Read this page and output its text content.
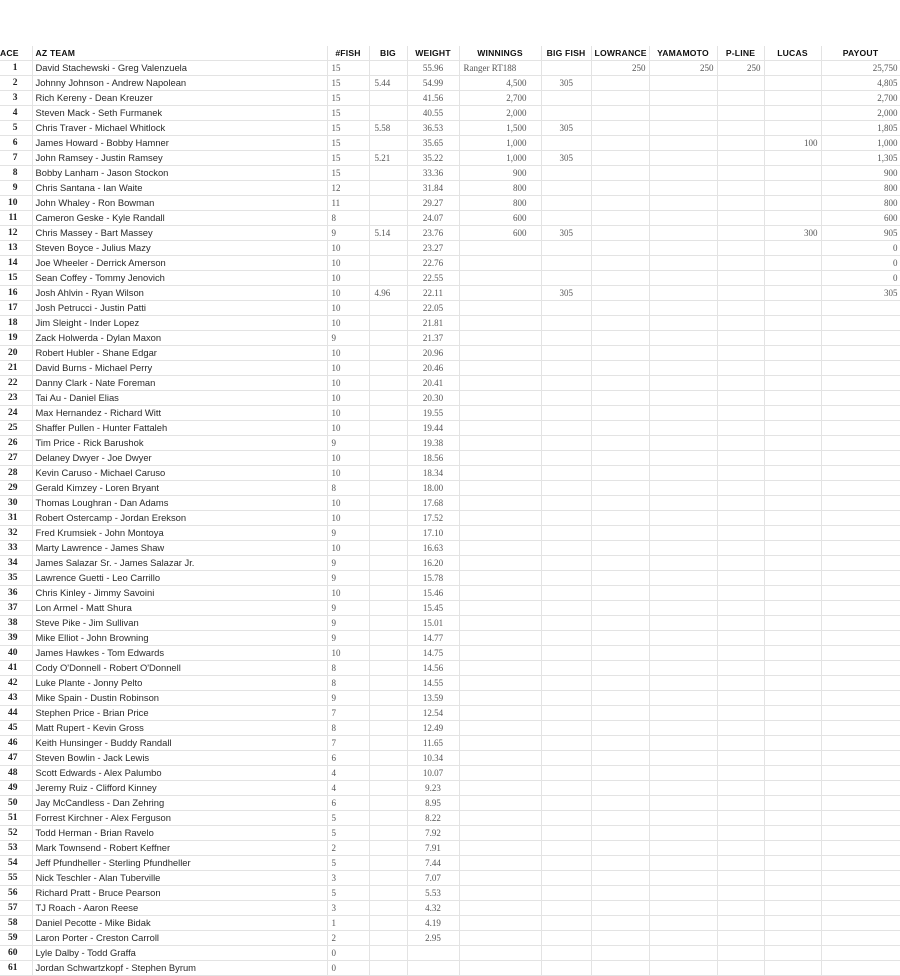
ACE	AZ TEAM	#FISH	BIG	WEIGHT	WINNINGS	BIG FISH	LOWRANCE	YAMAMOTO	P-LINE	LUCAS	PAYOUT
1	David Stachewski - Greg Valenzuela	15		55.96	Ranger RT188		250	250	250		25,750
2	Johnny Johnson - Andrew Napolean	15	5.44	54.99	4,500	305					4,805
3	Rich Kereny - Dean Kreuzer	15		41.56	2,700						2,700
4	Steven Mack - Seth Furmanek	15		40.55	2,000						2,000
5	Chris Traver - Michael Whitlock	15	5.58	36.53	1,500	305					1,805
6	James Howard - Bobby Hamner	15		35.65	1,000					100	1,000
7	John Ramsey - Justin Ramsey	15	5.21	35.22	1,000	305					1,305
8	Bobby Lanham - Jason Stockon	15		33.36	900						900
9	Chris Santana - Ian Waite	12		31.84	800						800
10	John Whaley - Ron Bowman	11		29.27	800						800
11	Cameron Geske - Kyle Randall	8		24.07	600						600
12	Chris Massey - Bart Massey	9	5.14	23.76	600	305				300	905
13	Steven Boyce - Julius Mazy	10		23.27							0
14	Joe Wheeler - Derrick Amerson	10		22.76							0
15	Sean Coffey - Tommy Jenovich	10		22.55							0
16	Josh Ahlvin - Ryan Wilson	10	4.96	22.11		305					305
17	Josh Petrucci - Justin Patti	10		22.05							
18	Jim Sleight - Inder Lopez	10		21.81							
19	Zack Holwerda - Dylan Maxon	9		21.37							
20	Robert Hubler - Shane Edgar	10		20.96							
21	David Burns - Michael Perry	10		20.46							
22	Danny Clark - Nate Foreman	10		20.41							
23	Tai Au - Daniel Elias	10		20.30							
24	Max Hernandez - Richard Witt	10		19.55							
25	Shaffer Pullen - Hunter Fattaleh	10		19.44							
26	Tim Price - Rick Barushok	9		19.38							
27	Delaney Dwyer - Joe Dwyer	10		18.56							
28	Kevin Caruso - Michael Caruso	10		18.34							
29	Gerald Kimzey - Loren Bryant	8		18.00							
30	Thomas Loughran - Dan Adams	10		17.68							
31	Robert Ostercamp - Jordan Erekson	10		17.52							
32	Fred Krumsiek - John Montoya	9		17.10							
33	Marty Lawrence - James Shaw	10		16.63							
34	James Salazar Sr. - James Salazar Jr.	9		16.20							
35	Lawrence Guetti - Leo Carrillo	9		15.78							
36	Chris Kinley - Jimmy Savoini	10		15.46							
37	Lon Armel - Matt Shura	9		15.45							
38	Steve Pike - Jim Sullivan	9		15.01							
39	Mike Elliot - John Browning	9		14.77							
40	James Hawkes - Tom Edwards	10		14.75							
41	Cody O'Donnell - Robert O'Donnell	8		14.56							
42	Luke Plante - Jonny Pelto	8		14.55							
43	Mike Spain - Dustin Robinson	9		13.59							
44	Stephen Price - Brian Price	7		12.54							
45	Matt Rupert - Kevin Gross	8		12.49							
46	Keith Hunsinger - Buddy Randall	7		11.65							
47	Steven Bowlin - Jack Lewis	6		10.34							
48	Scott Edwards - Alex Palumbo	4		10.07							
49	Jeremy Ruiz - Clifford Kinney	4		9.23							
50	Jay McCandless - Dan Zehring	6		8.95							
51	Forrest Kirchner - Alex Ferguson	5		8.22							
52	Todd Herman - Brian Ravelo	5		7.92							
53	Mark Townsend - Robert Keffner	2		7.91							
54	Jeff Pfundheller - Sterling Pfundheller	5		7.44							
55	Nick Teschler - Alan Tuberville	3		7.07							
56	Richard Pratt - Bruce Pearson	5		5.53							
57	TJ Roach - Aaron Reese	3		4.32							
58	Daniel Pecotte - Mike Bidak	1		4.19							
59	Laron Porter - Creston Carroll	2		2.95							
60	Lyle Dalby - Todd Graffa	0									
61	Jordan Schwartzkopf - Stephen Byrum	0									
